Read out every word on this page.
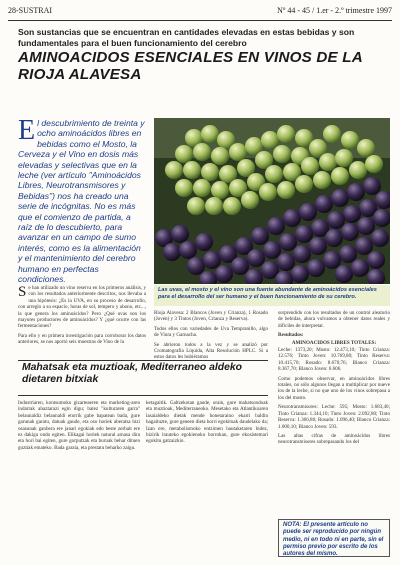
28-SUSTRAI	Nº 44 - 45 / 1.er - 2.º trimestre 1997
Son sustancias que se encuentran en cantidades elevadas en estas bebidas y son fundamentales para el buen funcionamiento del cerebro
AMINOACIDOS ESENCIALES EN VINOS DE LA RIOJA ALAVESA
El descubrimiento de treinta y ocho aminoácidos libres en bebidas como el Mosto, la Cerveza y el Vino en dosis más elevadas y selectivas que en la leche (ver artículo "Aminoácidos Libres, Neurotransmisores y Bebidas") nos ha creado una serie de incógnitas. No es más que el comienzo de partida, a raíz de lo descubierto, para avanzar en un campo de sumo interés, como es la alimentación y el mantenimiento del cerebro humano en perfectas condiciones.
Las uvas, el mosto y el vino son una fuente abundante de aminoácidos esenciales para el desarrollo del ser humano y el buen funcionamiento de su cerebro.

Se han utilizado un vino reserva en los primeros análisis, y con los resultados anteriormente descritos, nos llevaba a una hipótesis: ¿Es la UVA, en su proceso de desarrollo, con arreglo a su espacio, horas de sol, tempero y abono, etc..., la que genera los aminoácidos? Pero ¿Qué uvas son los mayores productores de aminoácidos? Y ¿qué ocurre con las fermentaciones?

Para ello y en primera investigación para corroborar los datos anteriores, se nos aportó seis muestras de Vino de la

Rioja Alavesa: 2 Blancos (Joven y Crianza), 1 Rosado (Joven) y 3 Tintos (Joven, Crianza y Reserva).

Todos ellos con variedades de Uva Tempranillo, algo de Viura y Garnacha.

Se abrieron todos a la vez y se analizó por Cromatografía Líquida, Alta Resolución HPLC. Si a estos datos les hubiéramos

sorprendido con los resultados de un control aleatorio de bebidas, ahora volvamos a obtener datos reales y difíciles de interpretar.

Resultados:
AMINOACIDOS LIBRES TOTALES:

Leche: 1373,20; Mosto: 12.473,10; Tinto Crianza: 12.576; Tinto Joven: 10.769,80; Tinto Reserva: 10.415,70; Rosado: 8.670,76; Blanco Crianza: 8.367,70; Blanco Joven: 6.606.

Como podemos observar, en aminoácidos libres totales, no sólo algunos llegan a multiplicar por nueve los de la leche, si no que uno de los vinos sobrepasa a los del mosto.

Neurotransmisores: Leche: 595; Mosto: 1.683,40; Tinto Crianza: 1.344,10; Tinto Joven: 2.092,80; Tinto Reserva: 1.366,86; Rosado: 1.096,40; Blanco Crianza: 1.000,10; Blanco Joven: 593.

Las altas cifras de aminoácidos libres neurotransmisores sobrepasando los del

Mahatsak eta muztioak, Mediterraneo aldeko dietaren bitxiak

Industriaren, kontsumoko gizarteaeren eta marketing-aren indarrak ahaztarazi egin digu; batez "kulturaren garra" belaunaldiz belaunaldi etorrik gabe bapatean bada, gure garunak garatu, datuak gaude, eta oso horiek aberatsa bizi osasunak ganbera ere janari egokiak edo beste zerbait ere ez dakigu ondo egiten. Elikagai horiek natural arnasa dira eta hori bai egiten, gure gorputzak eta buruak behar dituen guztiak emateko. Bada garaia, eta prestatu beharko zaigu.

ketagaitik. Galtzekotan gaude, orain, gure mahatsondoak eta muztioak, Mediterraneoko. Mesetako eta Atlantikoaren lasaialdeko dietak mende honetaraino ekarri baldin bagaituzte, gure geneen dieta horri egokituak daudelako da; Izan ere, metabolismoko entzimen hautaketaren bidez, bizirik irauteko egokienoko borrokan, gure ekosistemari egokitu gatzaizkio.

NOTA: El presente artículo no puede ser reproducido por ningún medio, ni en todo ni en parte, sin el permiso previo por escrito de los autores del mismo.
